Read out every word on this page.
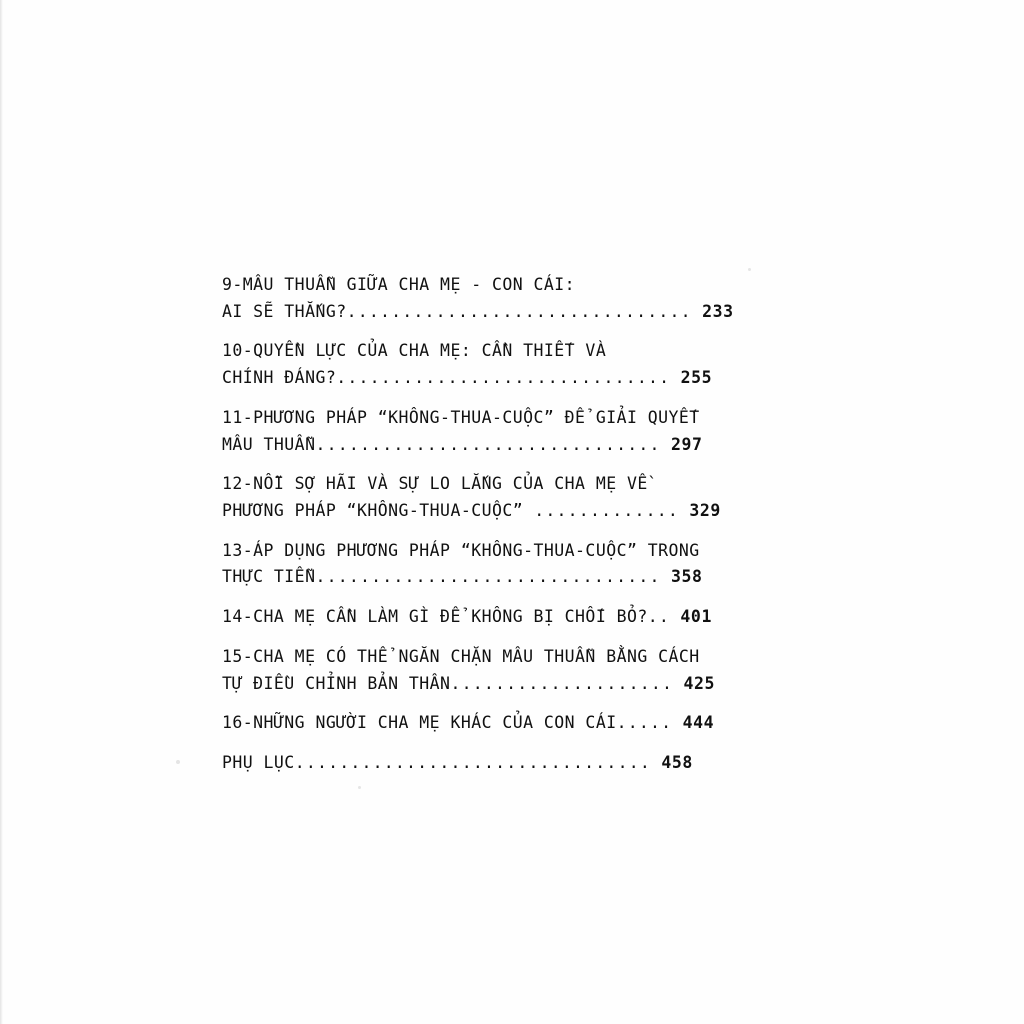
9-MÂU THUẪN GIỮA CHA MẸ - CON CÁI:
AI SẼ THẮNG?............................... 233
10-QUYỀN LỰC CỦA CHA MẸ: CẦN THIẾT VÀ
CHÍNH ĐÁNG?.............................. 255
11-PHƯƠNG PHÁP “KHÔNG-THUA-CUỘC” ĐỂ GIẢI QUYẾT
MÂU THUẪN............................... 297
12-NỖI SỢ HÃI VÀ SỰ LO LẮNG CỦA CHA MẸ VỀ
PHƯƠNG PHÁP “KHÔNG-THUA-CUỘC” ............. 329
13-ÁP DỤNG PHƯƠNG PHÁP “KHÔNG-THUA-CUỘC” TRONG
THỰC TIỄN............................... 358
14-CHA MẸ CẦN LÀM GÌ ĐỂ KHÔNG BỊ CHỐI BỎ?.. 401
15-CHA MẸ CÓ THỂ NGĂN CHẶN MÂU THUẪN BẰNG CÁCH
TỰ ĐIỀU CHỈNH BẢN THÂN.................... 425
16-NHỮNG NGƯỜI CHA MẸ KHÁC CỦA CON CÁI..... 444
PHỤ LỤC................................ 458
